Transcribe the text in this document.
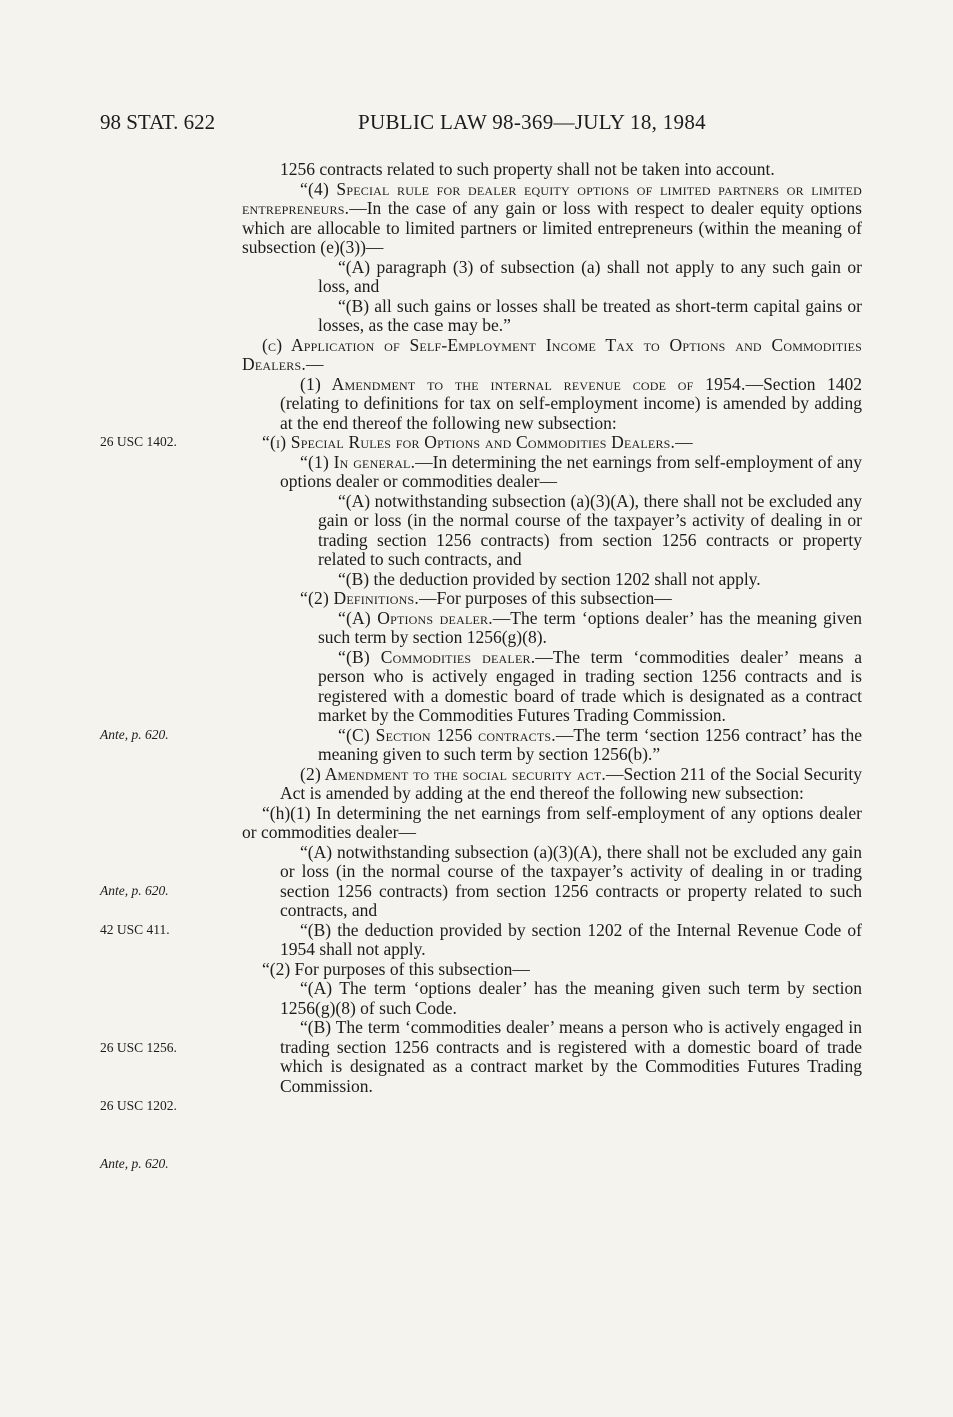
98 STAT. 622	PUBLIC LAW 98-369—JULY 18, 1984
26 USC 1402.
Ante, p. 620.
Ante, p. 620.
42 USC 411.
26 USC 1256.
26 USC 1202.
Ante, p. 620.

1256 contracts related to such property shall not be taken into account.

“(4) Special rule for dealer equity options of limited partners or limited entrepreneurs.—In the case of any gain or loss with respect to dealer equity options which are allocable to limited partners or limited entrepreneurs (within the meaning of subsection (e)(3))—

“(A) paragraph (3) of subsection (a) shall not apply to any such gain or loss, and

“(B) all such gains or losses shall be treated as short-term capital gains or losses, as the case may be.”

(c) Application of Self-Employment Income Tax to Options and Commodities Dealers.—

(1) Amendment to the internal revenue code of 1954.—Section 1402 (relating to definitions for tax on self-employment income) is amended by adding at the end thereof the following new subsection:

“(i) Special Rules for Options and Commodities Dealers.—

“(1) In general.—In determining the net earnings from self-employment of any options dealer or commodities dealer—

“(A) notwithstanding subsection (a)(3)(A), there shall not be excluded any gain or loss (in the normal course of the taxpayer’s activity of dealing in or trading section 1256 contracts) from section 1256 contracts or property related to such contracts, and

“(B) the deduction provided by section 1202 shall not apply.

“(2) Definitions.—For purposes of this subsection—

“(A) Options dealer.—The term ‘options dealer’ has the meaning given such term by section 1256(g)(8).

“(B) Commodities dealer.—The term ‘commodities dealer’ means a person who is actively engaged in trading section 1256 contracts and is registered with a domestic board of trade which is designated as a contract market by the Commodities Futures Trading Commission.

“(C) Section 1256 contracts.—The term ‘section 1256 contract’ has the meaning given to such term by section 1256(b).”

(2) Amendment to the social security act.—Section 211 of the Social Security Act is amended by adding at the end thereof the following new subsection:

“(h)(1) In determining the net earnings from self-employment of any options dealer or commodities dealer—

“(A) notwithstanding subsection (a)(3)(A), there shall not be excluded any gain or loss (in the normal course of the taxpayer’s activity of dealing in or trading section 1256 contracts) from section 1256 contracts or property related to such contracts, and

“(B) the deduction provided by section 1202 of the Internal Revenue Code of 1954 shall not apply.

“(2) For purposes of this subsection—

“(A) The term ‘options dealer’ has the meaning given such term by section 1256(g)(8) of such Code.

“(B) The term ‘commodities dealer’ means a person who is actively engaged in trading section 1256 contracts and is registered with a domestic board of trade which is designated as a contract market by the Commodities Futures Trading Commission.
